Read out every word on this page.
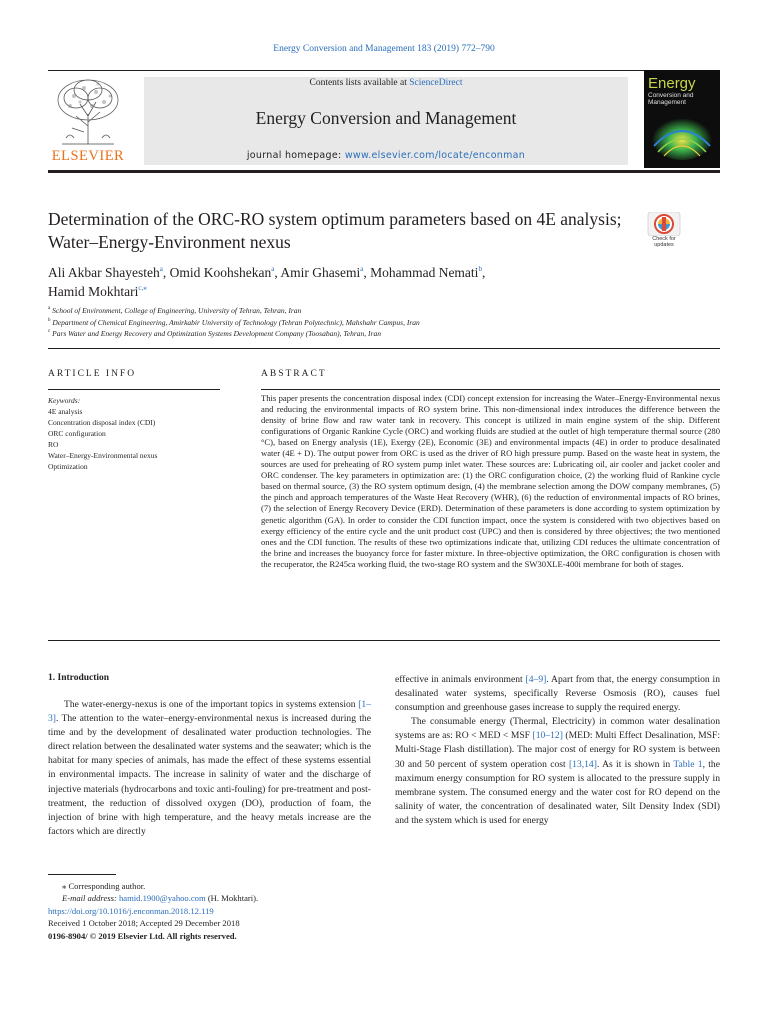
Energy Conversion and Management 183 (2019) 772–790
ELSEVIER
Contents lists available at ScienceDirect
Energy Conversion and Management
journal homepage: www.elsevier.com/locate/enconman
Energy
Conversion and Management
Determination of the ORC-RO system optimum parameters based on 4E analysis; Water–Energy-Environment nexus	Check for updates
Ali Akbar Shayesteh$^a$, Omid Koohshekan$^a$, Amir Ghasemi$^a$, Mohammad Nemati$^b$,
Hamid Mokhtari$^{c,⁎}$
$^a$ School of Environment, College of Engineering, University of Tehran, Tehran, Iran
$^b$ Department of Chemical Engineering, Amirkabir University of Technology (Tehran Polytechnic), Mahshahr Campus, Iran
$^c$ Pars Water and Energy Recovery and Optimization Systems Development Company (Toosaban), Tehran, Iran
ARTICLE INFO	ABSTRACT
Keywords:
4E analysis
Concentration disposal index (CDI)
ORC configuration
RO
Water–Energy-Environmental nexus
Optimization
This paper presents the concentration disposal index (CDI) concept extension for increasing the Water–Energy-Environmental nexus and reducing the environmental impacts of RO system brine. This non-dimensional index introduces the difference between the density of brine flow and raw water tank in recovery. This concept is utilized in main engine system of the ship. Different configurations of Organic Rankine Cycle (ORC) and working fluids are studied at the outlet of high temperature thermal source (280 °C), based on Energy analysis (1E), Exergy (2E), Economic (3E) and environmental impacts (4E) in order to produce desalinated water (4E + D). The output power from ORC is used as the driver of RO high pressure pump. Based on the waste heat in system, the sources are used for preheating of RO system pump inlet water. These sources are: Lubricating oil, air cooler and jacket cooler and ORC condenser. The key parameters in optimization are: (1) the ORC configuration choice, (2) the working fluid of Rankine cycle based on thermal source, (3) the RO system optimum design, (4) the membrane selection among the DOW company membranes, (5) the pinch and approach temperatures of the Waste Heat Recovery (WHR), (6) the reduction of environmental impacts of RO brines, (7) the selection of Energy Recovery Device (ERD). Determination of these parameters is done according to system optimization by genetic algorithm (GA). In order to consider the CDI function impact, once the system is considered with two objectives based on exergy efficiency of the entire cycle and the unit product cost (UPC) and then is considered by three objectives; the two mentioned ones and the CDI function. The results of these two optimizations indicate that, utilizing CDI reduces the ultimate concentration of the brine and increases the buoyancy force for faster mixture. In three-objective optimization, the ORC configuration is chosen with the recuperator, the R245ca working fluid, the two-stage RO system and the SW30XLE-400i membrane for both of stages.
1. Introduction

The water-energy-nexus is one of the important topics in systems extension [1–3]. The attention to the water–energy-environmental nexus is increased during the time and by the development of desalinated water production technologies. The direct relation between the desalinated water systems and the seawater; which is the habitat for many species of animals, has made the effect of these systems essential in environmental impacts. The increase in salinity of water and the discharge of injective materials (hydrocarbons and toxic anti-fouling) for pre-treatment and post-treatment, the reduction of dissolved oxygen (DO), production of foam, the injection of brine with high temperature, and the heavy metals increase are the factors which are directly

effective in animals environment [4–9]. Apart from that, the energy consumption in desalinated water systems, specifically Reverse Osmosis (RO), causes fuel consumption and greenhouse gases increase to supply the required energy.

The consumable energy (Thermal, Electricity) in common water desalination systems are as: RO < MED < MSF [10–12] (MED: Multi Effect Desalination, MSF: Multi-Stage Flash distillation). The major cost of energy for RO system is between 30 and 50 percent of system operation cost [13,14]. As it is shown in Table 1, the maximum energy consumption for RO system is allocated to the pressure supply in membrane system. The consumed energy and the water cost for RO depend on the salinity of water, the concentration of desalinated water, Silt Density Index (SDI) and the system which is used for energy

⁎ Corresponding author.
E-mail address: hamid.1900@yahoo.com (H. Mokhtari).
https://doi.org/10.1016/j.enconman.2018.12.119
Received 1 October 2018; Accepted 29 December 2018
0196-8904/ © 2019 Elsevier Ltd. All rights reserved.
